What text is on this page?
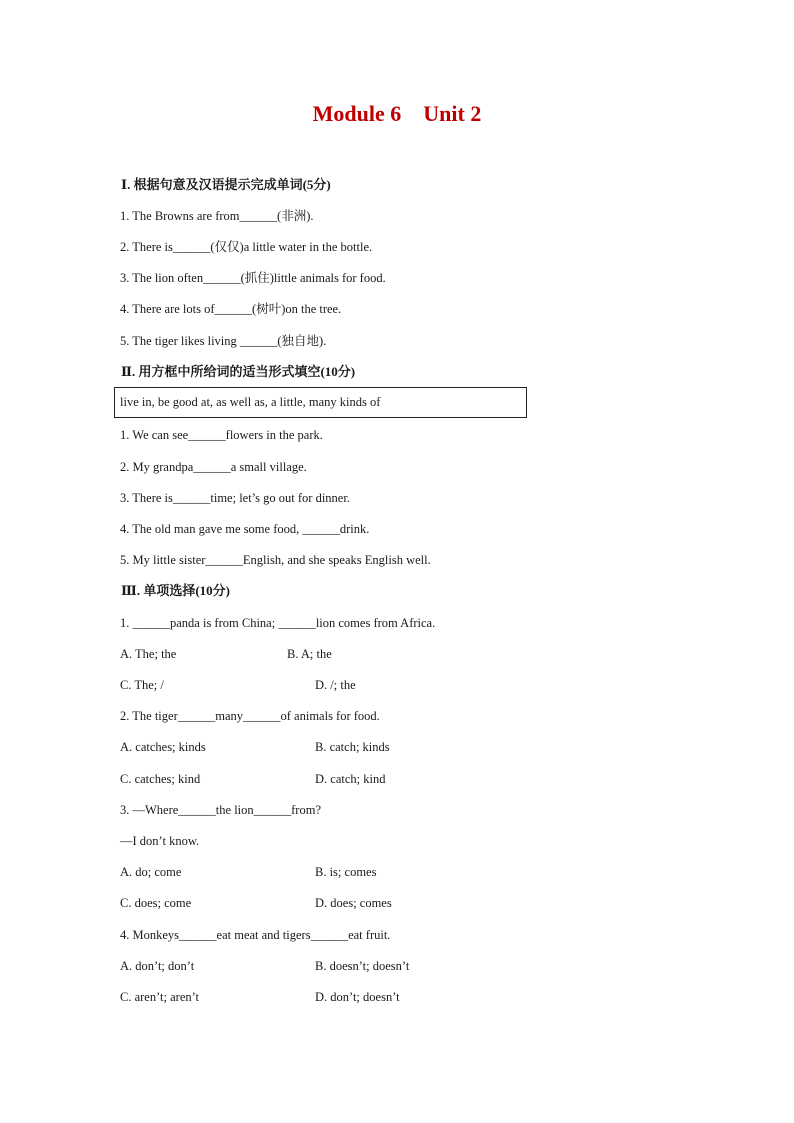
Module 6    Unit 2
Ⅰ. 根据句意及汉语提示完成单词(5分)
1. The Browns are from______(非洲).
2. There is______(仅仅)a little water in the bottle.
3. The lion often______(抓住)little animals for food.
4. There are lots of______(树叶)on the tree.
5. The tiger likes living ______(独自地).
Ⅱ. 用方框中所给词的适当形式填空(10分)
live in, be good at, as well as, a little, many kinds of
1. We can see______flowers in the park.
2. My grandpa______a small village.
3. There is______time; let’s go out for dinner.
4. The old man gave me some food, ______drink.
5. My little sister______English, and she speaks English well.
Ⅲ. 单项选择(10分)
1. ______panda is from China; ______lion comes from Africa.
A. The; the	B. A; the
C. The; /	D. /; the
2. The tiger______many______of animals for food.
A. catches; kinds	B. catch; kinds
C. catches; kind	D. catch; kind
3. —Where______the lion______from?
—I don’t know.
A. do; come	B. is; comes
C. does; come	D. does; comes
4. Monkeys______eat meat and tigers______eat fruit.
A. don’t; don’t	B. doesn’t; doesn’t
C. aren’t; aren’t	D. don’t; doesn’t
